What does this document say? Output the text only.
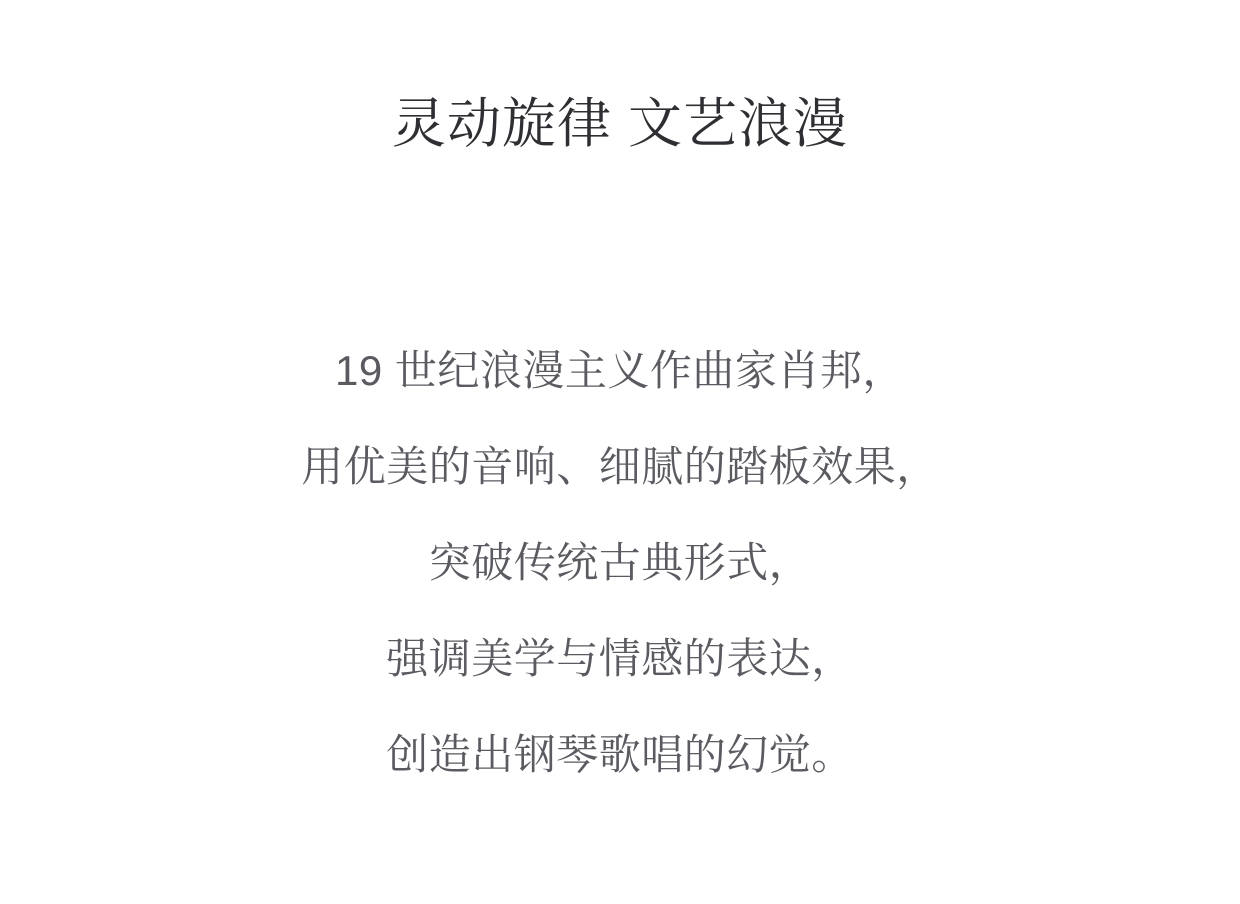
灵动旋律 文艺浪漫
19 世纪浪漫主义作曲家肖邦，
用优美的音响、细腻的踏板效果，
突破传统古典形式，
强调美学与情感的表达，
创造出钢琴歌唱的幻觉。
